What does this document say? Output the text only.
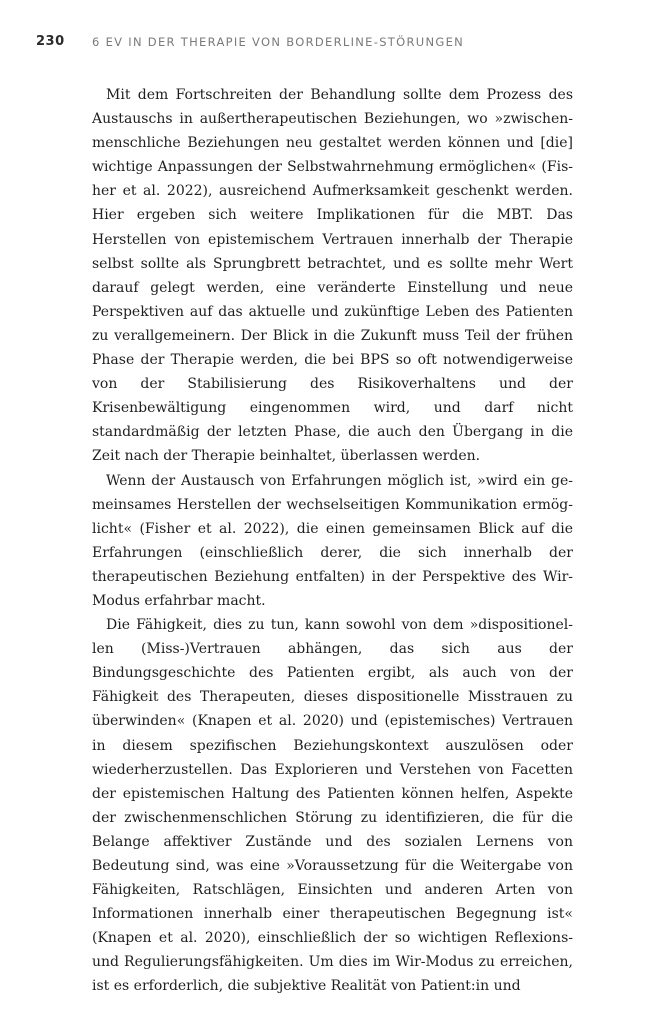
230 6 EV IN DER THERAPIE VON BORDERLINE-STÖRUNGEN

Mit dem Fortschreiten der Behandlung sollte dem Prozess des Austauschs in außertherapeutischen Beziehungen, wo »zwischenmenschliche Beziehungen neu gestaltet werden können und [die] wichtige Anpassungen der Selbstwahrnehmung ermöglichen« (Fisher et al. 2022), ausreichend Aufmerksamkeit geschenkt werden. Hier ergeben sich weitere Implikationen für die MBT. Das Herstellen von epistemischem Vertrauen innerhalb der Therapie selbst sollte als Sprungbrett betrachtet, und es sollte mehr Wert darauf gelegt werden, eine veränderte Einstellung und neue Perspektiven auf das aktuelle und zukünftige Leben des Patienten zu verallgemeinern. Der Blick in die Zukunft muss Teil der frühen Phase der Therapie werden, die bei BPS so oft notwendigerweise von der Stabilisierung des Risikoverhaltens und der Krisenbewältigung eingenommen wird, und darf nicht standardmäßig der letzten Phase, die auch den Übergang in die Zeit nach der Therapie beinhaltet, überlassen werden.

Wenn der Austausch von Erfahrungen möglich ist, »wird ein gemeinsames Herstellen der wechselseitigen Kommunikation ermöglicht« (Fisher et al. 2022), die einen gemeinsamen Blick auf die Erfahrungen (einschließlich derer, die sich innerhalb der therapeutischen Beziehung entfalten) in der Perspektive des Wir-Modus erfahrbar macht.

Die Fähigkeit, dies zu tun, kann sowohl von dem »dispositionellen (Miss-)Vertrauen abhängen, das sich aus der Bindungsgeschichte des Patienten ergibt, als auch von der Fähigkeit des Therapeuten, dieses dispositionelle Misstrauen zu überwinden« (Knapen et al. 2020) und (epistemisches) Vertrauen in diesem spezifischen Beziehungskontext auszulösen oder wiederherzustellen. Das Explorieren und Verstehen von Facetten der epistemischen Haltung des Patienten können helfen, Aspekte der zwischenmenschlichen Störung zu identifizieren, die für die Belange affektiver Zustände und des sozialen Lernens von Bedeutung sind, was eine »Voraussetzung für die Weitergabe von Fähigkeiten, Ratschlägen, Einsichten und anderen Arten von Informationen innerhalb einer therapeutischen Begegnung ist« (Knapen et al. 2020), einschließlich der so wichtigen Reflexions- und Regulierungsfähigkeiten. Um dies im Wir-Modus zu erreichen, ist es erforderlich, die subjektive Realität von Patient:in und
